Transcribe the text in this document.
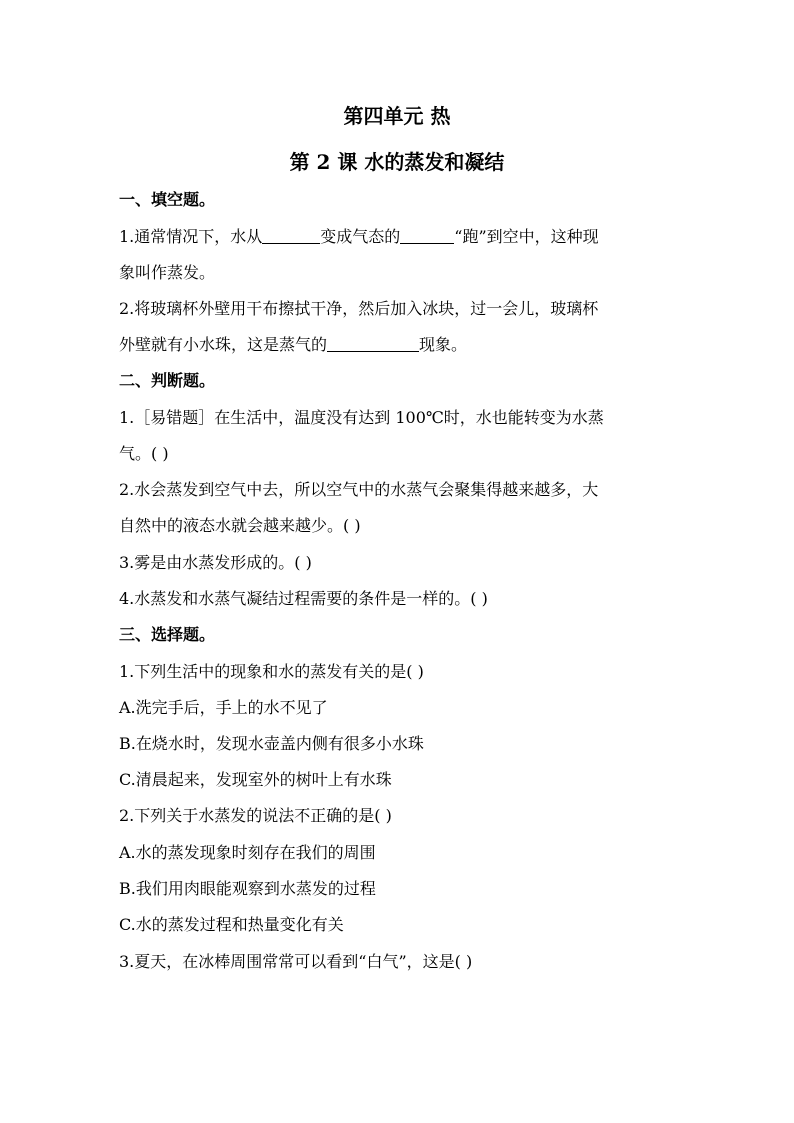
第四单元 热
第 2 课 水的蒸发和凝结
一、填空题。
1.通常情况下，水从	变成气态的	“跑”到空中，这种现
象叫作蒸发。
2.将玻璃杯外壁用干布擦拭干净，然后加入冰块，过一会儿，玻璃杯
外壁就有小水珠，这是蒸气的	现象。
二、判断题。
1.［易错题］在生活中，温度没有达到 100℃时，水也能转变为水蒸
气。( )
2.水会蒸发到空气中去，所以空气中的水蒸气会聚集得越来越多，大
自然中的液态水就会越来越少。( )
3.雾是由水蒸发形成的。( )
4.水蒸发和水蒸气凝结过程需要的条件是一样的。( )
三、选择题。
1.下列生活中的现象和水的蒸发有关的是( )
A.洗完手后，手上的水不见了
B.在烧水时，发现水壶盖内侧有很多小水珠
C.清晨起来，发现室外的树叶上有水珠
2.下列关于水蒸发的说法不正确的是( )
A.水的蒸发现象时刻存在我们的周围
B.我们用肉眼能观察到水蒸发的过程
C.水的蒸发过程和热量变化有关
3.夏天，在冰棒周围常常可以看到“白气”，这是( )
